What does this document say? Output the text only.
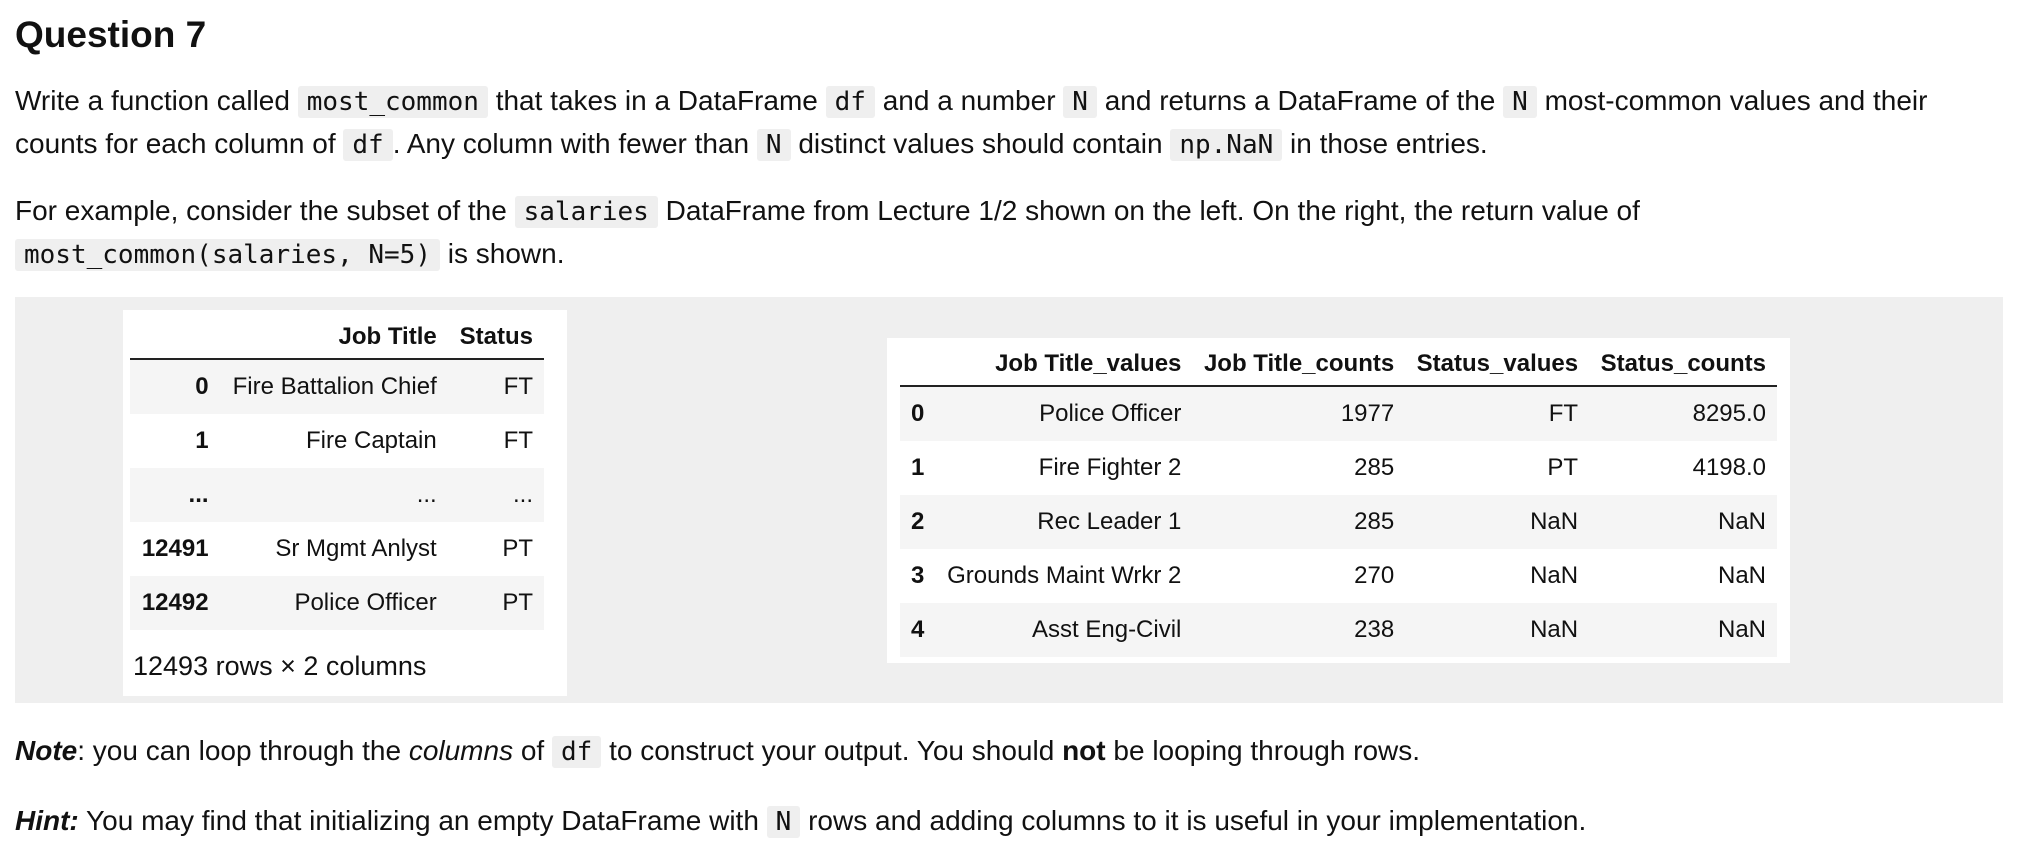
Question 7

Write a function called most_common that takes in a DataFrame df and a number N and returns a DataFrame of the N most-common values and their counts for each column of df . Any column with fewer than N distinct values should contain np.NaN in those entries.

For example, consider the subset of the salaries DataFrame from Lecture 1/2 shown on the left. On the right, the return value of
most_common(salaries, N=5) is shown.

	Job Title	Status
0	Fire Battalion Chief	FT
1	Fire Captain	FT
...	...	...
12491	Sr Mgmt Anlyst	PT
12492	Police Officer	PT
12493 rows × 2 columns
	Job Title_values	Job Title_counts	Status_values	Status_counts
0	Police Officer	1977	FT	8295.0
1	Fire Fighter 2	285	PT	4198.0
2	Rec Leader 1	285	NaN	NaN
3	Grounds Maint Wrkr 2	270	NaN	NaN
4	Asst Eng-Civil	238	NaN	NaN

Note: you can loop through the columns of df to construct your output. You should not be looping through rows.

Hint: You may find that initializing an empty DataFrame with N rows and adding columns to it is useful in your implementation.
